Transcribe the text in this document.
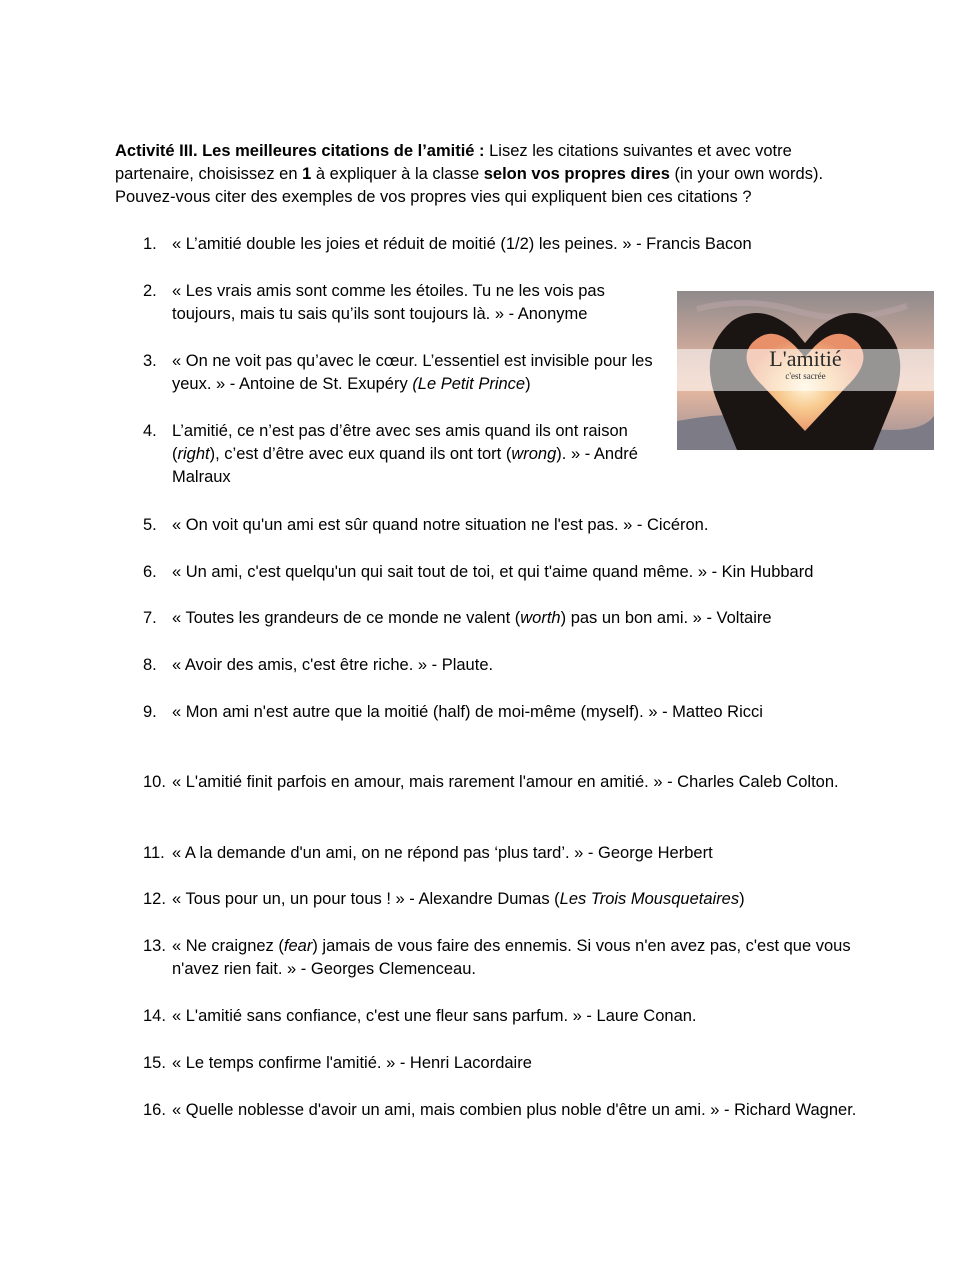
Activité III. Les meilleures citations de l’amitié : Lisez les citations suivantes et avec votre partenaire, choisissez en 1 à expliquer à la classe selon vos propres dires (in your own words). Pouvez-vous citer des exemples de vos propres vies qui expliquent bien ces citations ?

1. « L’amitié double les joies et réduit de moitié (1/2) les peines. » - Francis Bacon
2. « Les vrais amis sont comme les étoiles. Tu ne les vois pas toujours, mais tu sais qu’ils sont toujours là. » - Anonyme
3. « On ne voit pas qu’avec le cœur. L’essentiel est invisible pour les yeux. » - Antoine de St. Exupéry (Le Petit Prince)
4. L’amitié, ce n’est pas d’être avec ses amis quand ils ont raison (right), c’est d’être avec eux quand ils ont tort (wrong). » - André Malraux
5. « On voit qu'un ami est sûr quand notre situation ne l'est pas. » - Cicéron.
6. « Un ami, c'est quelqu'un qui sait tout de toi, et qui t'aime quand même. » - Kin Hubbard
7. « Toutes les grandeurs de ce monde ne valent (worth) pas un bon ami. » - Voltaire
8. « Avoir des amis, c'est être riche. » - Plaute.
9. « Mon ami n'est autre que la moitié (half) de moi-même (myself). » - Matteo Ricci
10. « L'amitié finit parfois en amour, mais rarement l'amour en amitié. » - Charles Caleb Colton.
11. « A la demande d'un ami, on ne répond pas ‘plus tard’. » - George Herbert
12. « Tous pour un, un pour tous ! » - Alexandre Dumas (Les Trois Mousquetaires)
13. « Ne craignez (fear) jamais de vous faire des ennemis. Si vous n'en avez pas, c'est que vous n'avez rien fait. » - Georges Clemenceau.
14. « L'amitié sans confiance, c'est une fleur sans parfum. » - Laure Conan.
15. « Le temps confirme l'amitié. » - Henri Lacordaire
16. « Quelle noblesse d'avoir un ami, mais combien plus noble d'être un ami. » - Richard Wagner.
L'amitié
c'est sacrée
